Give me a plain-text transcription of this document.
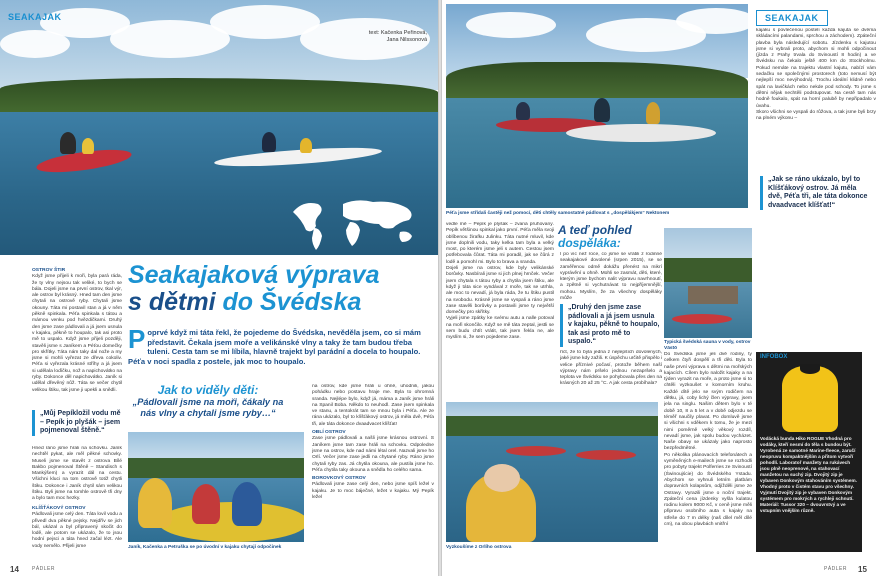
SEAKAJAK
text: Kačenka Peřinová,
Jana Nilssonová
Seakajaková výprava
s dětmi do Švédska
Poprvé když mi táta řekl, že pojedeme do Švédska, nevěděla jsem, co si mám představit. Čekala jsem moře a velikánské vlny a taky že tam budou třeba tuleni. Cesta tam se mi líbila, hlavně trajekt byl parádní a docela to houpalo. Péťa v noci spadla z postele, jak moc to houpalo.
Jak to viděly děti:
„Pádlovali jsme na moři, čákaly na nás vlny a chytali jsme ryby…“
OSTROV ŠTIR
Když jsme přijeli k moři, byla pará ráda, že ty vlny nejsou tak veliké, to bych se bála. Dojeli jsme na první ostrov, tkal výr, ale ostrov byl krásný. Hned tam den jsme chytali na ostrově ryby. Chytali jsme okouny. Táta mi postavil stan a já v něm pěkně spinkala. Péťa spinkala s tátou a mámou venku pod hvězdičkami. Druhý den jsme zase pádlovali a já jsem usnula v kajaku, pěkně to houpalo, tak asi proto mě to uspalo. Když jsme přijeli později, stavěli jsme s Janíkem a Péťou domečky pro skřítky. Táta nám taky dal nože a my jsme si mohli vyřezat ze dřeva cokoliv. Péťa si vyřezala krásné stříhy a já jsem si udělala loďičku, nož a napichovátko na ryby. Dokonce děl napichovátko. Janík si udělal dřevěný nůž. Táta se večer chytil velikou štiku, tak jsme ji upekli a snědli.
„Můj Pepíkložil vodu mě – Pepík jo plyšák – jsem pojmenoval štěně.“
Hned ráno jsme hrali na schovku. Janík nechtěl pykat, ale měl pěkné schovky. Museli jsme se stavět z ostrova Bílé Bakbo pojmenoval Štěně – Standisch s Mankýšem) a vyrazit dál na cestu. Všichni kluci na tom ostrově totiž chytli štiku. Dokonce i Janík chytil sám velikou štiku. Byli jsme na tomhle ostrově tři dny a bylo tam moc hezky.
KLÍŠŤÁKOVÝ OSTROV
Pádlovali jsme celý den. Táta lovil vodu a přivedl dva pěkné pejsky. Nejdřív se jich bál, ukázal a byl připravený skočit do lodě, ale potom se ukázalo, že to jsou hodní pejsci a táta hned začal lézt. Ale vody nemělo. Přijeli jsme	Janík, Kačenka a Petruška se po úvodní v kajaku chytají odpočinek
na ostrov, kde jsme hráli u ohně, uhodnili, jakou pohádku nebo postavu hraje me. Byla to ohromná sranda. Nejlépe bylo, když já, máma a Janík jsme hráli na Spanil Boba. Někdo to neuhodl. Zase jsem spinkala ve stanu, a tentokrát tam se mnou byla i Péťa. Ale ze rána ukázalo, byl to klíšťákový ostrov, já měla dvě, Péťa tři, ale táta dokonce dvaadvacet klíšťat!
OBLÍ OSTROV
Zase jsme pádlovali a našli jsme krásnou ostrovní. S Janíkem jsme tam zase hráli na schovku. Odpoledne jsme na ostrov, kde nad námi létal orel. Nazvali jsme ho Orlí. Večer jsme zase jedli na chytané ryby. Ráno jsme chytali ryby zas. Já chytila okouna, ale pustila jsme ho. Péťa chytila taky okouna a snědla ho celého sama.
BOROVKOVÝ OSTROV
Pádlovali jsme zase celý den, nebo jsme spíš ležel v kajaku. Je to moc báječné, ležet v kajaku. Mý Pepík ležel
14	PÁDLER
Péťa jsme střídali častěji než pomocí, děti chtěly samostatně pádlovat s „dospělákjem“ Nektonem
SEAKAJAK
vedle mě – Pepík je plyšák – zvaná pruhovaný. Pepík většinou spinkal jako první. Péťa měla svoji oblíbenou žirafku Julinku. Táta nutné mluvil, kde jsme doplnili vodu, taky kelka tam byla a velký most, po kterém jsme jeli s autem. Cestou jsem potřebovala čůrat. Táta mi poradil, jak se čůrá z lodě a pomohl mi. Bylo to brava a sranda.
Dojeli jsme na ostrov, kde byly velikánské borůvky. Nasbírali jsme si jich plnej hrnček. Večer jsem chytala s tátou ryby a chytila jsem štiku, ale když ji táta sice vyndával z moře, tak se utrhla, ale moc to nevadí, já byla ráda, že tu štiku pustil na svobodu. Krásně jsme se vyspali a ráno jsme zase stavěli borůvky a postavili jsme ty největší domečky pro skřítky.
Vyjeli jsme zpátky ke svému autu a nalle potoval na moři skončilo. Když se mě táta zeptal, jestli se sem budu chtít vrátit, tak jsem řekla ne, ale myslím si, že sem pojedeme zase.
A teď pohled
dospěláka:
I po víc než roce, co jsme se vrátili z rodinné seakajakové dovolené (srpen 2015), se se zaměřenou odmě dokážu přenést na mikrí vyprávění u ohně. Mohli se zasmát, děti, které, kterým jsme bychom nalit výpravu navrhnoutí, a zpětně si vychutnávat to nejpříjemnější, mohou. Myslím, že za všechny dospěláky může
„Druhý den jsme zase pádlovali a já jsem usnula v kajaku, pěkně to houpalo, tak asi proto mě to uspalo.“
říct, že to byla jedna z nejlepších dovolených, jaké jsme kdy zažili. K úspěchu určitě přispělo i velice příznivé počasí, protože během naší výpravy nám pršelo jednou nezapršelo a teplota ve Švédsku se pohybovala přes den na krásných 20 až 25 °C. A jak cesta probíhala?
kajaku s povlečenou postelí každá kajuta se dvěma skládacími palandami, sprchou a záchodem). Zpáteční plavba byla následující sobotu. Jízdenku s kajutou jsme si vybrali proto, abychom si mohli odpočinout (jízda z Prahy trvala do Svinoustí 8 hodin) a ve Švédsku na čekalo ještě 400 km do Stockholmu. Pokud nemáte na trajektu vlastní kajutu, nabízí vám sedačku se společnými prostorech (toto nemusí být nejlepší moc nevýhodná). Trochu ideální klidně nebo spát na lavičkách nebo nekde pod schody. To jsme s dětmi nějak nechtěli podstupovat. Na cestě tam nás hodně foukalo, spát na horní palubě by nepřipadalo v úvahu.
Skoro všichni se vyspali do růžova, a tak jsme byli brzy na plném výkonu –
„Jak se ráno ukázalo, byl to Klíšťákový ostrov. Já měla dvě, Péťa tři, ale táta dokonce dvaadvacet klíšťat!“
Typická švédská sauna v vody, ostrov Västö
Do Švédska jsme jeli dvě rodiny, ty celkem čtyři dospělí a tři děti. Byla to naše první výprava s dětmi na mořských kajacích. Cílem bylo naložit kajaky a na týden vyrazit na moře, a proto jsme si to chtěli vyzkoušet v komorním kruhu. Každé dítě jelo se svým rodičem na dětku, já, coby lichý člen výpravy, jsem jela na singlu. Našim dětem bylo v té době 10, 8 a 5 let a v době odjezdu se téměř naučily plavat. Po domluvě jsme si všichni s vděkem k tomu, že je mezi nimi poměrně velký věkový rozdíl, nevadí jsme, jak spolu budou vycházet. Naše obavy se ukázaly jako naprosto bezpředmětné.
Po několika plánovacích telefonátech a vyměněných e-mailech jsme se rozhodli pro pobyty trajekt Polferries ze Svinoustí (Świnoujście) do Švédského Ystadu. Abychom se vyhnuli letním platbám dopravních kolapsům, odjížděli jsme ze Ostravy. Vyrazili jsme o noční trajekt. Zpáteční cena jízdenky vyšla kulatou rodinu kolem 9000 Kč, v ceně jsme měli připravu osobního auta s kajaky na střeše do 7 m délky (naš dílel měl dílé cm), na obou plavbách vnitřní
Vyzkoušíme z Orlího ostrova
INFOBOX
Vodácká bunda Hiko ROGUE Vhodná pro vodáky, kteří nesmí do těla s bundou být. Vyrobená ze samotné Marine-fleece, zaručí neopruvu kompaktnějším a přitom vytvoří pohodlí. Laboratoř manžety na rukávech jsou plně neoprenové, na stahovací manžetou na suchý zip. Dvojitý zip je vybaven Donkovým stahováním systémem. Vhodný proto v čistém stavu pro všechny. Vyjmutí Dvojitý zip je vybaven Donkovým systémem pro mokrých a rychleji schnutí. Materiál: Tussor 320 – dvouvrstvý a ve vstupním vnějším různě.
PÁDLER 15
